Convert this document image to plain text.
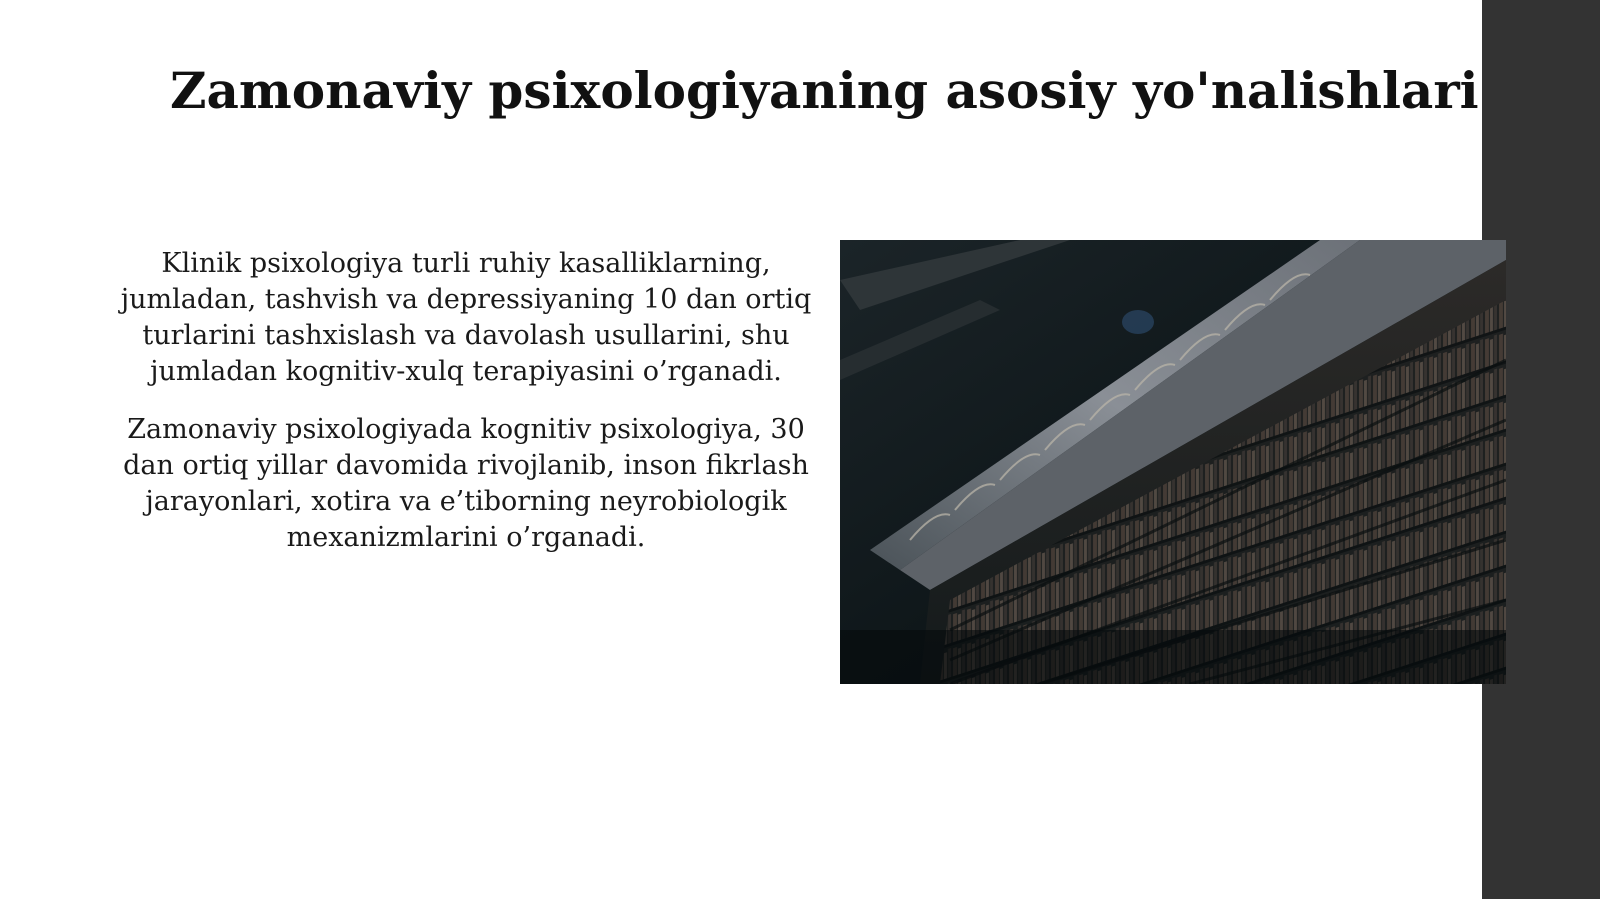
Zamonaviy psixologiyaning asosiy yo'nalishlari

Klinik psixologiya turli ruhiy kasalliklarning, jumladan, tashvish va depressiyaning 10 dan ortiq turlarini tashxislash va davolash usullarini, shu jumladan kognitiv-xulq terapiyasini o’rganadi.

Zamonaviy psixologiyada kognitiv psixologiya, 30 dan ortiq yillar davomida rivojlanib, inson fikrlash jarayonlari, xotira va e’tiborning neyrobiologik mexanizmlarini o’rganadi.
